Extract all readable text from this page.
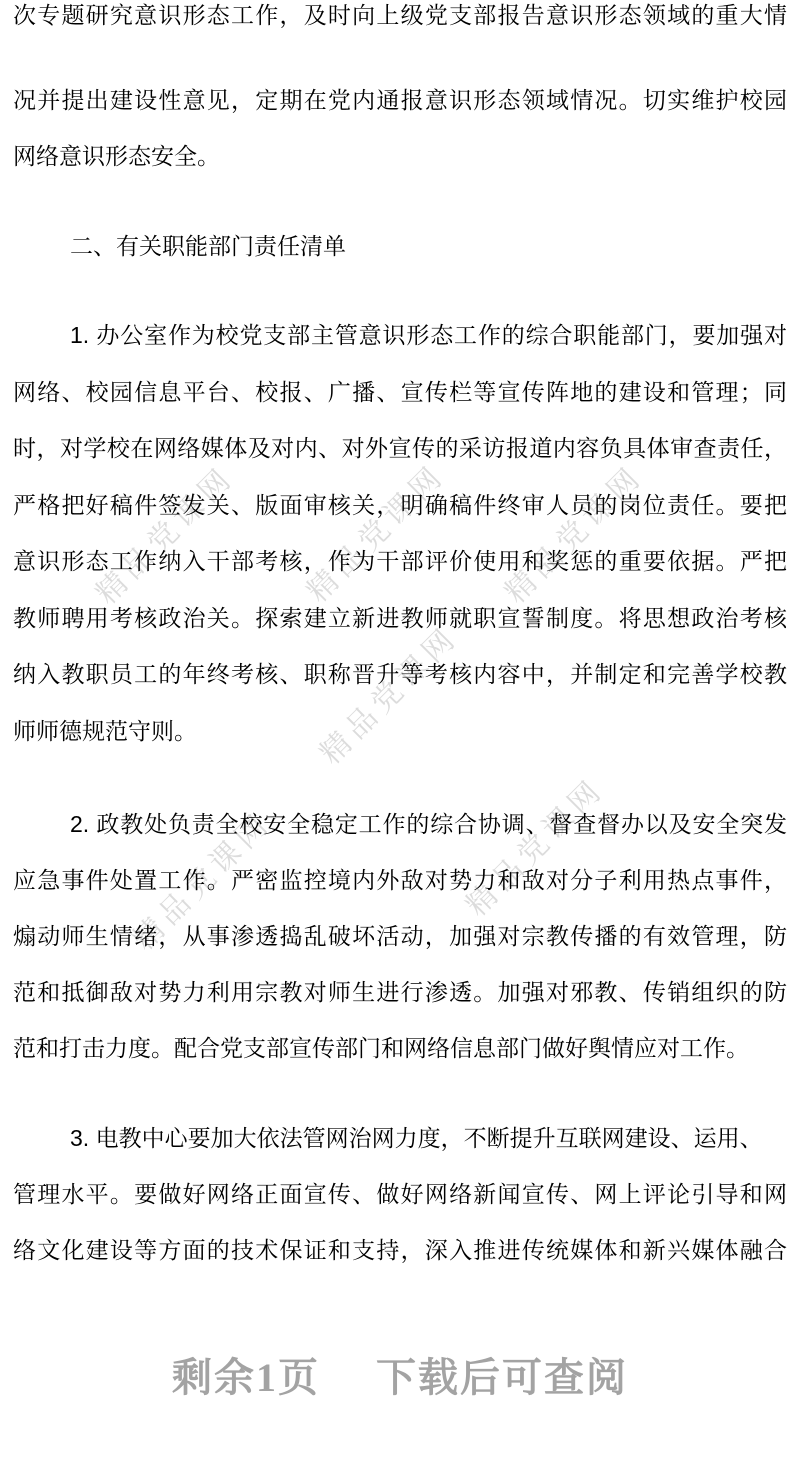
精品党课网 精品党课网 精品党课网
精品党课网
精品党课网
精品党课网
次专题研究意识形态工作，及时向上级党支部报告意识形态领域的重大情
况并提出建设性意见，定期在党内通报意识形态领域情况。切实维护校园
网络意识形态安全。
二、有关职能部门责任清单
1. 办公室作为校党支部主管意识形态工作的综合职能部门，要加强对
网络、校园信息平台、校报、广播、宣传栏等宣传阵地的建设和管理；同
时，对学校在网络媒体及对内、对外宣传的采访报道内容负具体审查责任，
严格把好稿件签发关、版面审核关，明确稿件终审人员的岗位责任。要把
意识形态工作纳入干部考核，作为干部评价使用和奖惩的重要依据。严把
教师聘用考核政治关。探索建立新进教师就职宣誓制度。将思想政治考核
纳入教职员工的年终考核、职称晋升等考核内容中，并制定和完善学校教
师师德规范守则。
2. 政教处负责全校安全稳定工作的综合协调、督查督办以及安全突发
应急事件处置工作。严密监控境内外敌对势力和敌对分子利用热点事件，
煽动师生情绪，从事渗透捣乱破坏活动，加强对宗教传播的有效管理，防
范和抵御敌对势力利用宗教对师生进行渗透。加强对邪教、传销组织的防
范和打击力度。配合党支部宣传部门和网络信息部门做好舆情应对工作。
3. 电教中心要加大依法管网治网力度，不断提升互联网建设、运用、
管理水平。要做好网络正面宣传、做好网络新闻宣传、网上评论引导和网
络文化建设等方面的技术保证和支持，深入推进传统媒体和新兴媒体融合
剩余1页 下载后可查阅
